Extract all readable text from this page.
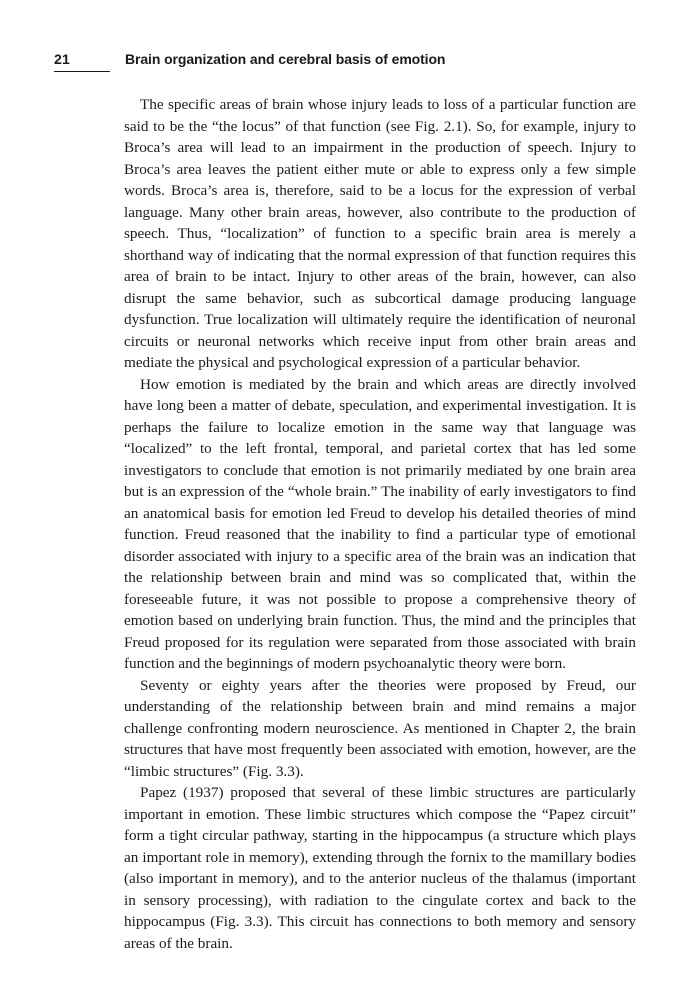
21	Brain organization and cerebral basis of emotion

The specific areas of brain whose injury leads to loss of a particular function are said to be the “the locus” of that function (see Fig. 2.1). So, for example, injury to Broca’s area will lead to an impairment in the production of speech. Injury to Broca’s area leaves the patient either mute or able to express only a few simple words. Broca’s area is, therefore, said to be a locus for the expression of verbal language. Many other brain areas, however, also contribute to the production of speech. Thus, “localization” of function to a specific brain area is merely a shorthand way of indicating that the normal expression of that function requires this area of brain to be intact. Injury to other areas of the brain, however, can also disrupt the same behavior, such as subcortical damage producing language dysfunction. True localization will ultimately require the identification of neuronal circuits or neuronal networks which receive input from other brain areas and mediate the physical and psychological expression of a particular behavior.

How emotion is mediated by the brain and which areas are directly involved have long been a matter of debate, speculation, and experimental investigation. It is perhaps the failure to localize emotion in the same way that language was “localized” to the left frontal, temporal, and parietal cortex that has led some investigators to conclude that emotion is not primarily mediated by one brain area but is an expression of the “whole brain.” The inability of early investigators to find an anatomical basis for emotion led Freud to develop his detailed theories of mind function. Freud reasoned that the inability to find a particular type of emotional disorder associated with injury to a specific area of the brain was an indication that the relationship between brain and mind was so complicated that, within the foreseeable future, it was not possible to propose a comprehensive theory of emotion based on underlying brain function. Thus, the mind and the principles that Freud proposed for its regulation were separated from those associated with brain function and the beginnings of modern psychoanalytic theory were born.

Seventy or eighty years after the theories were proposed by Freud, our understanding of the relationship between brain and mind remains a major challenge confronting modern neuroscience. As mentioned in Chapter 2, the brain structures that have most frequently been associated with emotion, however, are the “limbic structures” (Fig. 3.3).

Papez (1937) proposed that several of these limbic structures are particularly important in emotion. These limbic structures which compose the “Papez circuit” form a tight circular pathway, starting in the hippocampus (a structure which plays an important role in memory), extending through the fornix to the mamillary bodies (also important in memory), and to the anterior nucleus of the thalamus (important in sensory processing), with radiation to the cingulate cortex and back to the hippocampus (Fig. 3.3). This circuit has connections to both memory and sensory areas of the brain.
